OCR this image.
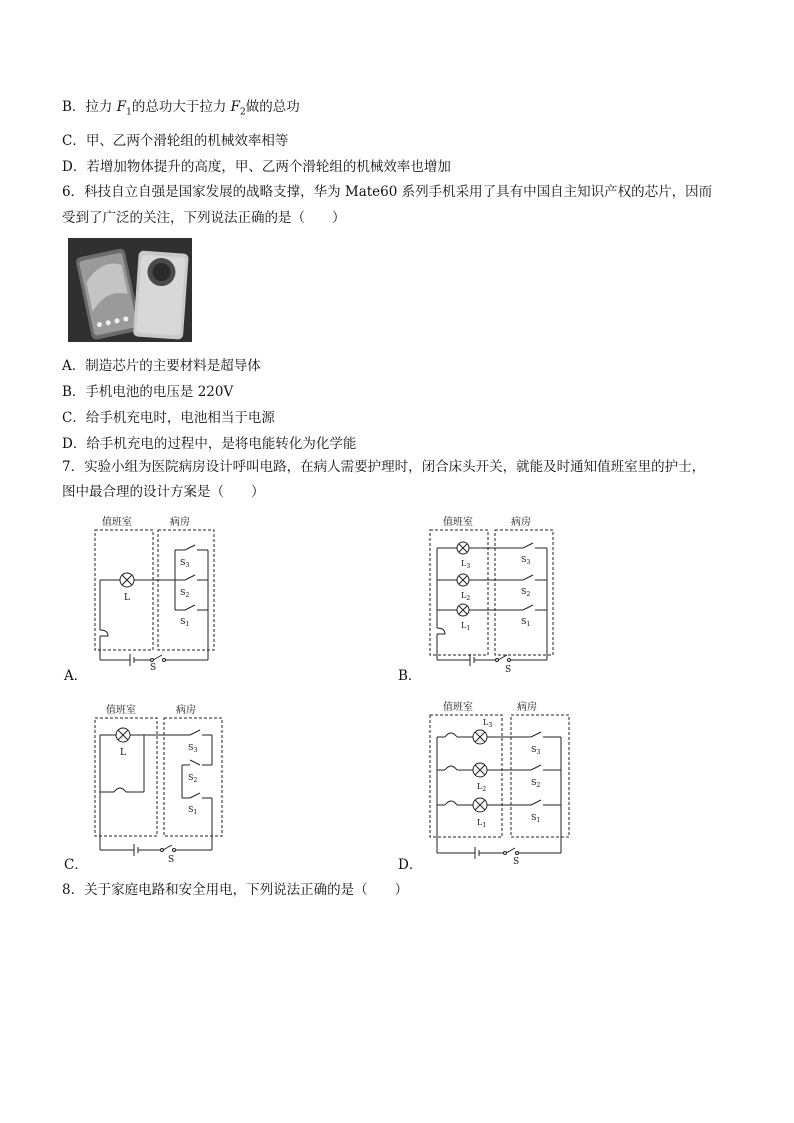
B．拉力 $F_1$的总功大于拉力 $F_2$做的总功
C．甲、乙两个滑轮组的机械效率相等
D．若增加物体提升的高度，甲、乙两个滑轮组的机械效率也增加
6．科技自立自强是国家发展的战略支撑，华为 Mate60 系列手机采用了具有中国自主知识产权的芯片，因而
受到了广泛的关注，下列说法正确的是（　　）
A．制造芯片的主要材料是超导体
B．手机电池的电压是 220V
C．给手机充电时，电池相当于电源
D．给手机充电的过程中，是将电能转化为化学能
7．实验小组为医院病房设计呼叫电路，在病人需要护理时，闭合床头开关，就能及时通知值班室里的护士，
图中最合理的设计方案是（　　）
值班室	病房
L
$S_3$
$S_2$
$S_1$
S
A．
值班室	病房
$L_3$
$L_2$
$L_1$
$S_3$
$S_2$
$S_1$
S
B．
值班室	病房
L
$S_3$
$S_2$
$S_1$
S
C．
值班室	病房
$L_3$
$L_2$
$L_1$
$S_3$
$S_2$
$S_1$
S
D．
8．关于家庭电路和安全用电，下列说法正确的是（　　）
